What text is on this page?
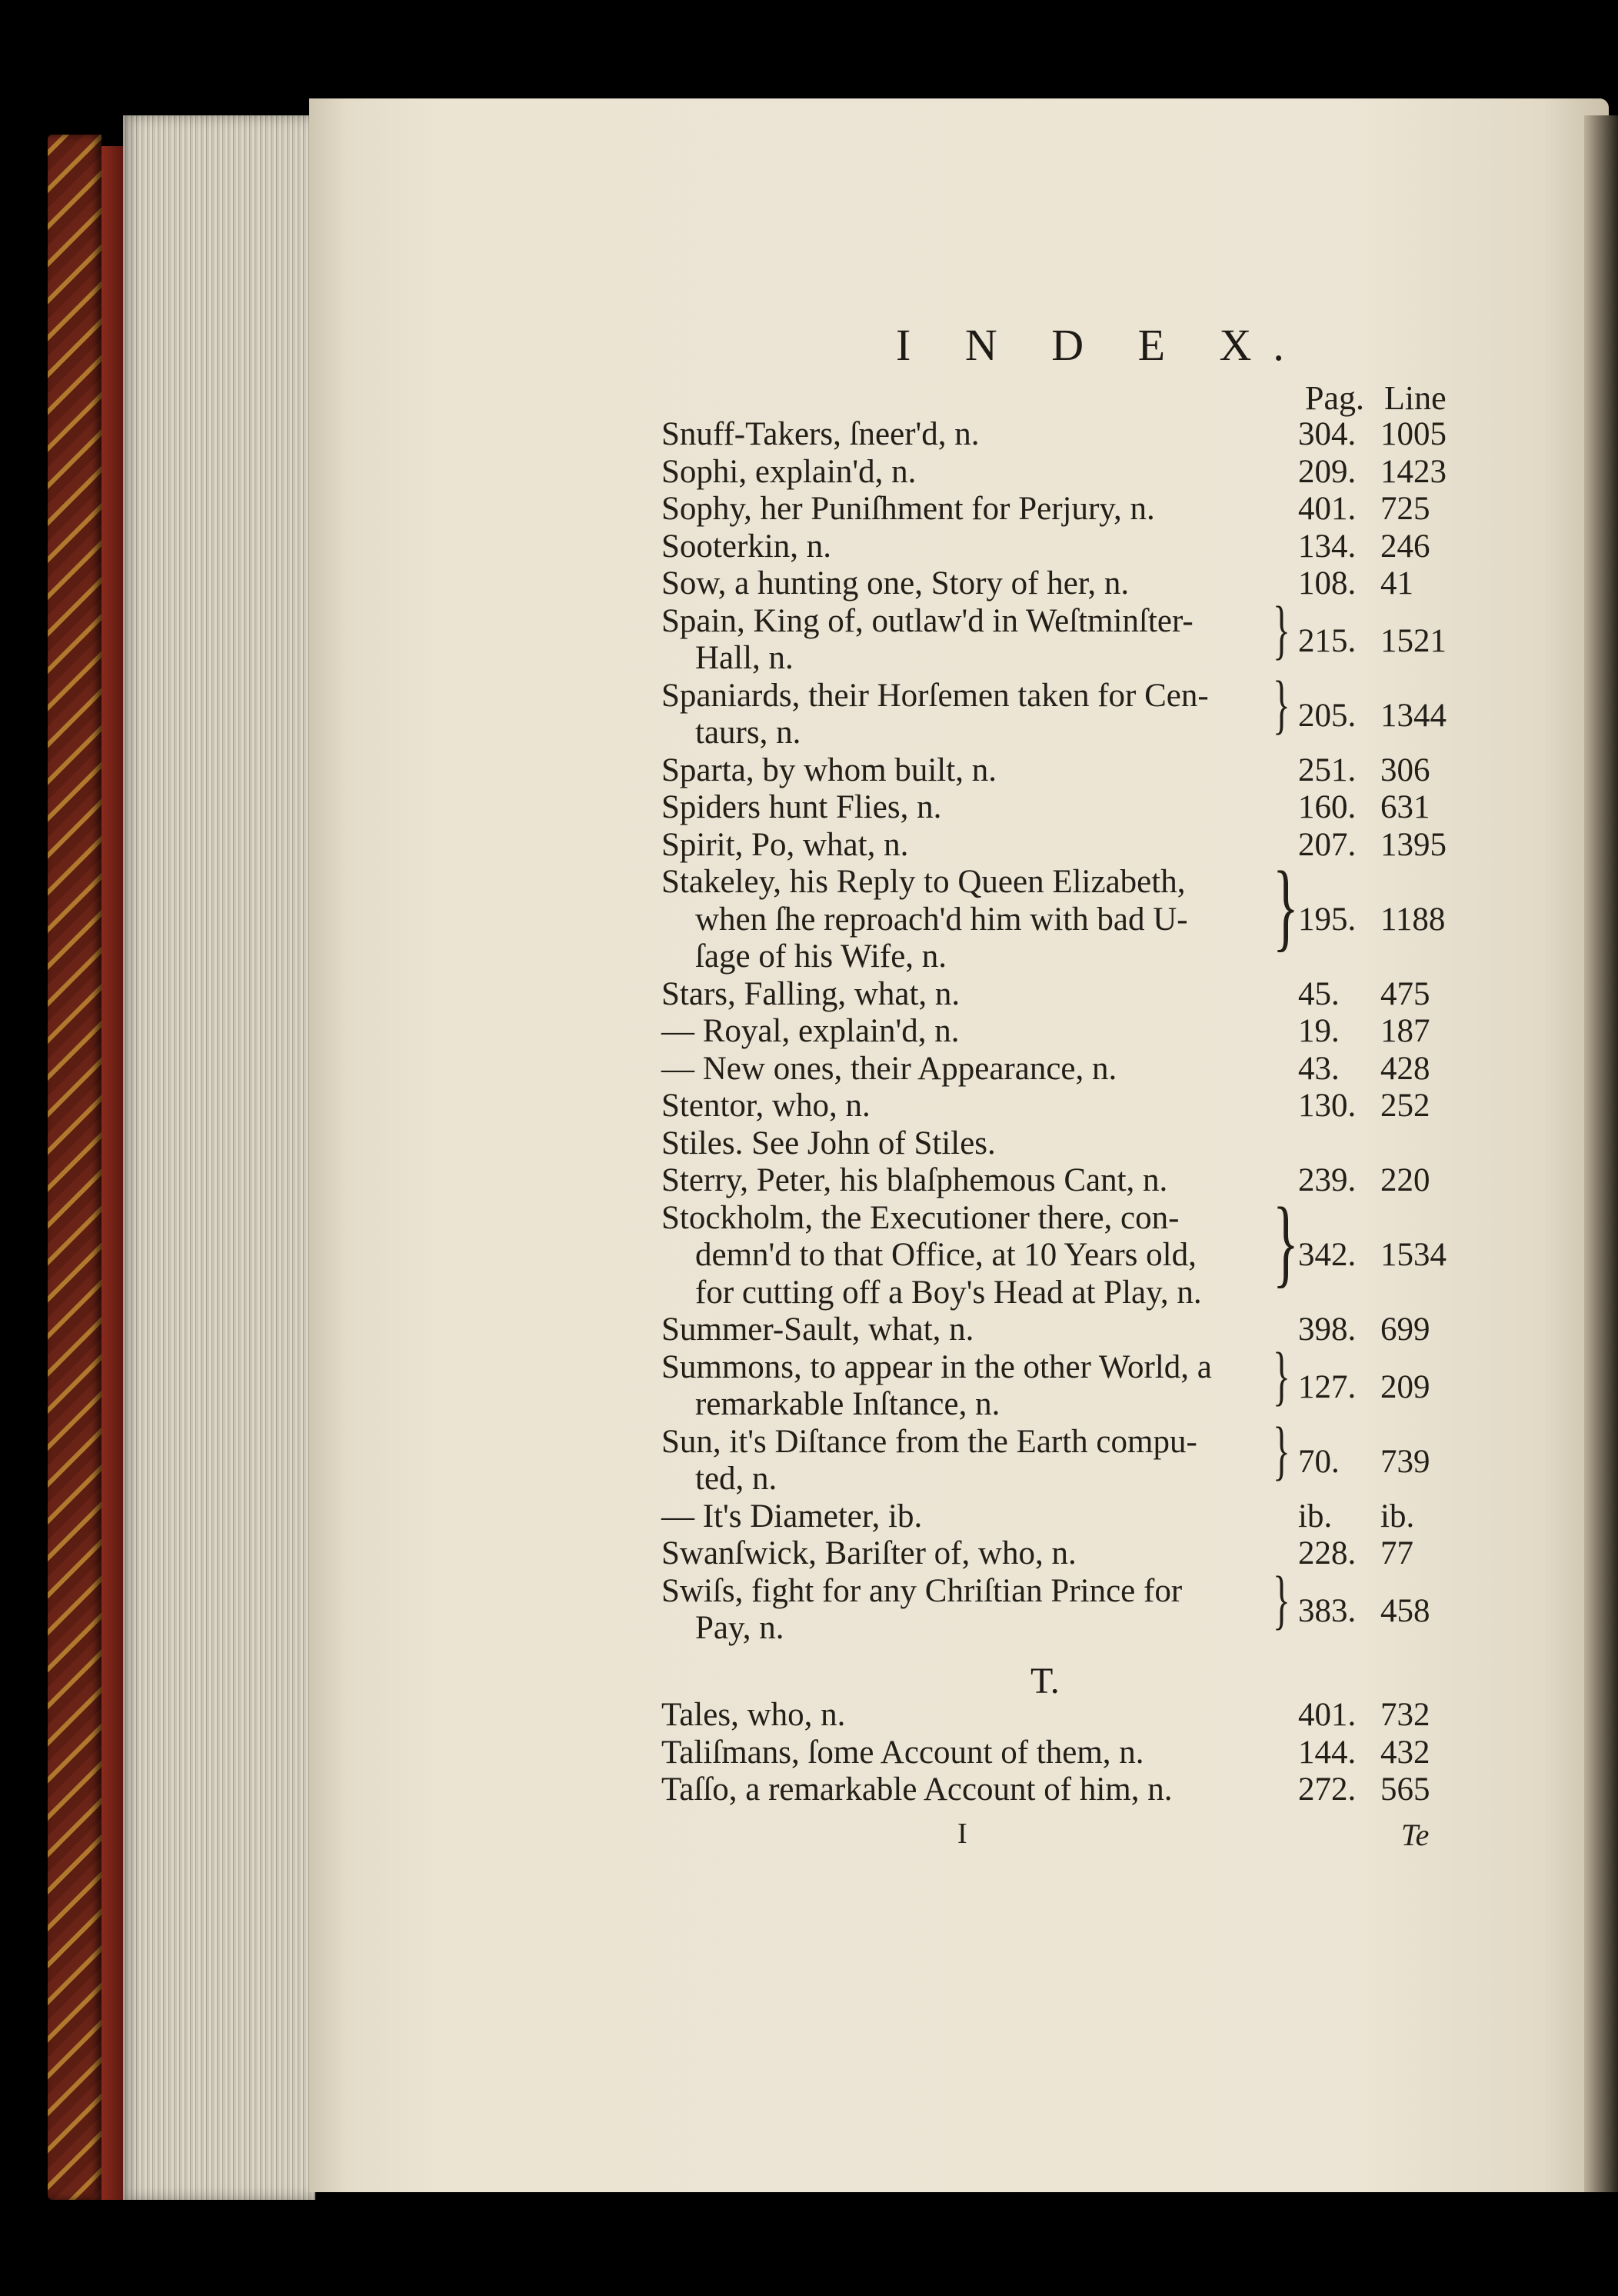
I N D E X.
Pag. Line
Snuff-Takers, ſneer'd, n.	304. 1005
Sophi, explain'd, n.	209. 1423
Sophy, her Puniſhment for Perjury, n.	401. 725
Sooterkin, n.	134. 246
Sow, a hunting one, Story of her, n.	108. 41
Spain, King of, outlaw'd in Weſtminſter-
Hall, n.	} 215. 1521
Spaniards, their Horſemen taken for Cen-
taurs, n.	} 205. 1344
Sparta, by whom built, n.	251. 306
Spiders hunt Flies, n.	160. 631
Spirit, Po, what, n.	207. 1395
Stakeley, his Reply to Queen Elizabeth,
when ſhe reproach'd him with bad U-
ſage of his Wife, n.	} 195. 1188
Stars, Falling, what, n.	45. 475
— Royal, explain'd, n.	19. 187
— New ones, their Appearance, n.	43. 428
Stentor, who, n.	130. 252
Stiles. See John of Stiles.
Sterry, Peter, his blaſphemous Cant, n.	239. 220
Stockholm, the Executioner there, con-
demn'd to that Office, at 10 Years old,
for cutting off a Boy's Head at Play, n. } 342. 1534
Summer-Sault, what, n.	398. 699
Summons, to appear in the other World, a
remarkable Inſtance, n.	} 127. 209
Sun, it's Diſtance from the Earth compu-
ted, n.	} 70. 739
— It's Diameter, ib.	ib. ib.
Swanſwick, Bariſter of, who, n.	228. 77
Swiſs, fight for any Chriſtian Prince for
Pay, n.	} 383. 458
T.
Tales, who, n.	401. 732
Taliſmans, ſome Account of them, n.	144. 432
Taſſo, a remarkable Account of him, n.	272. 565
I	Te
